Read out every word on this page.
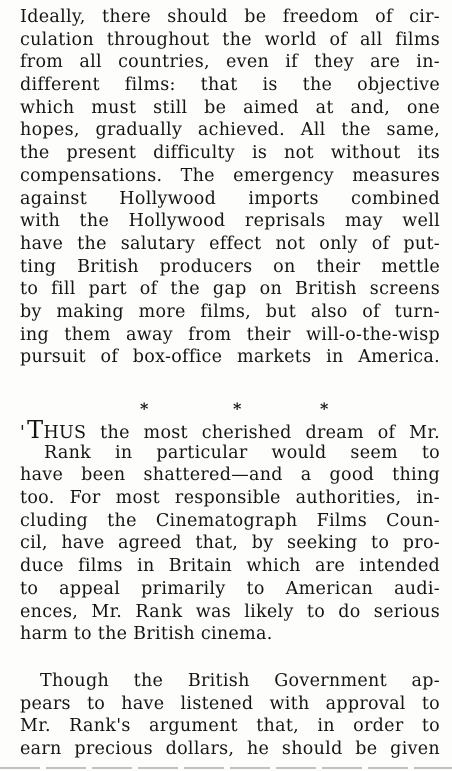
Ideally, there should be freedom of cir-
culation throughout the world of all films
from all countries, even if they are in-
different films: that is the objective
which must still be aimed at and, one
hopes, gradually achieved. All the same,
the present difficulty is not without its
compensations. The emergency measures
against Hollywood imports combined
with the Hollywood reprisals may well
have the salutary effect not only of put-
ting British producers on their mettle
to fill part of the gap on British screens
by making more films, but also of turn-
ing them away from their will-o-the-wisp
pursuit of box-office markets in America.
*	*	*
'THUS the most cherished dream of Mr.
Rank in particular would seem to
have been shattered—and a good thing
too. For most responsible authorities, in-
cluding the Cinematograph Films Coun-
cil, have agreed that, by seeking to pro-
duce films in Britain which are intended
to appeal primarily to American audi-
ences, Mr. Rank was likely to do serious
harm to the British cinema.
Though the British Government ap-
pears to have listened with approval to
Mr. Rank's argument that, in order to
earn precious dollars, he should be given
